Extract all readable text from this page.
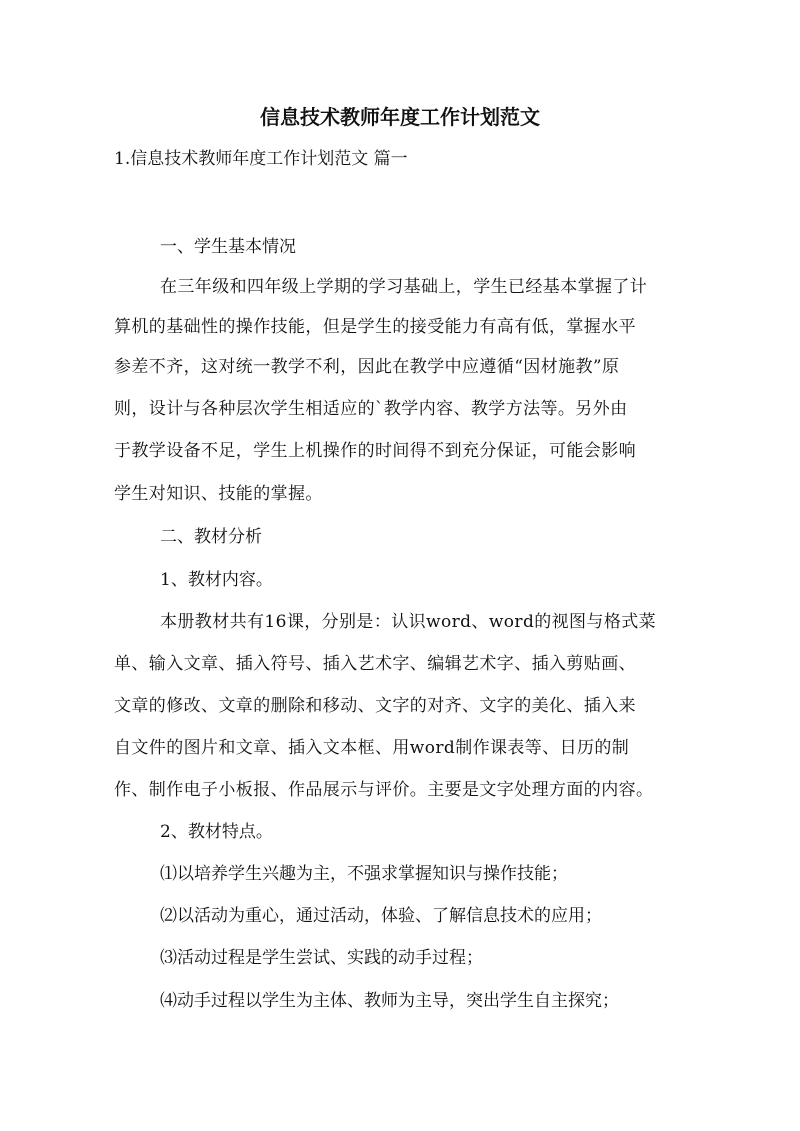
信息技术教师年度工作计划范文

1.信息技术教师年度工作计划范文 篇一

一、学生基本情况

在三年级和四年级上学期的学习基础上，学生已经基本掌握了计

算机的基础性的操作技能，但是学生的接受能力有高有低，掌握水平

参差不齐，这对统一教学不利，因此在教学中应遵循“因材施教”原

则，设计与各种层次学生相适应的`教学内容、教学方法等。另外由

于教学设备不足，学生上机操作的时间得不到充分保证，可能会影响

学生对知识、技能的掌握。

二、教材分析

1、教材内容。

本册教材共有16课，分别是：认识word、word的视图与格式菜

单、输入文章、插入符号、插入艺术字、编辑艺术字、插入剪贴画、

文章的修改、文章的删除和移动、文字的对齐、文字的美化、插入来

自文件的图片和文章、插入文本框、用word制作课表等、日历的制

作、制作电子小板报、作品展示与评价。主要是文字处理方面的内容。

2、教材特点。

⑴以培养学生兴趣为主，不强求掌握知识与操作技能；

⑵以活动为重心，通过活动，体验、了解信息技术的应用；

⑶活动过程是学生尝试、实践的动手过程；

⑷动手过程以学生为主体、教师为主导，突出学生自主探究；
